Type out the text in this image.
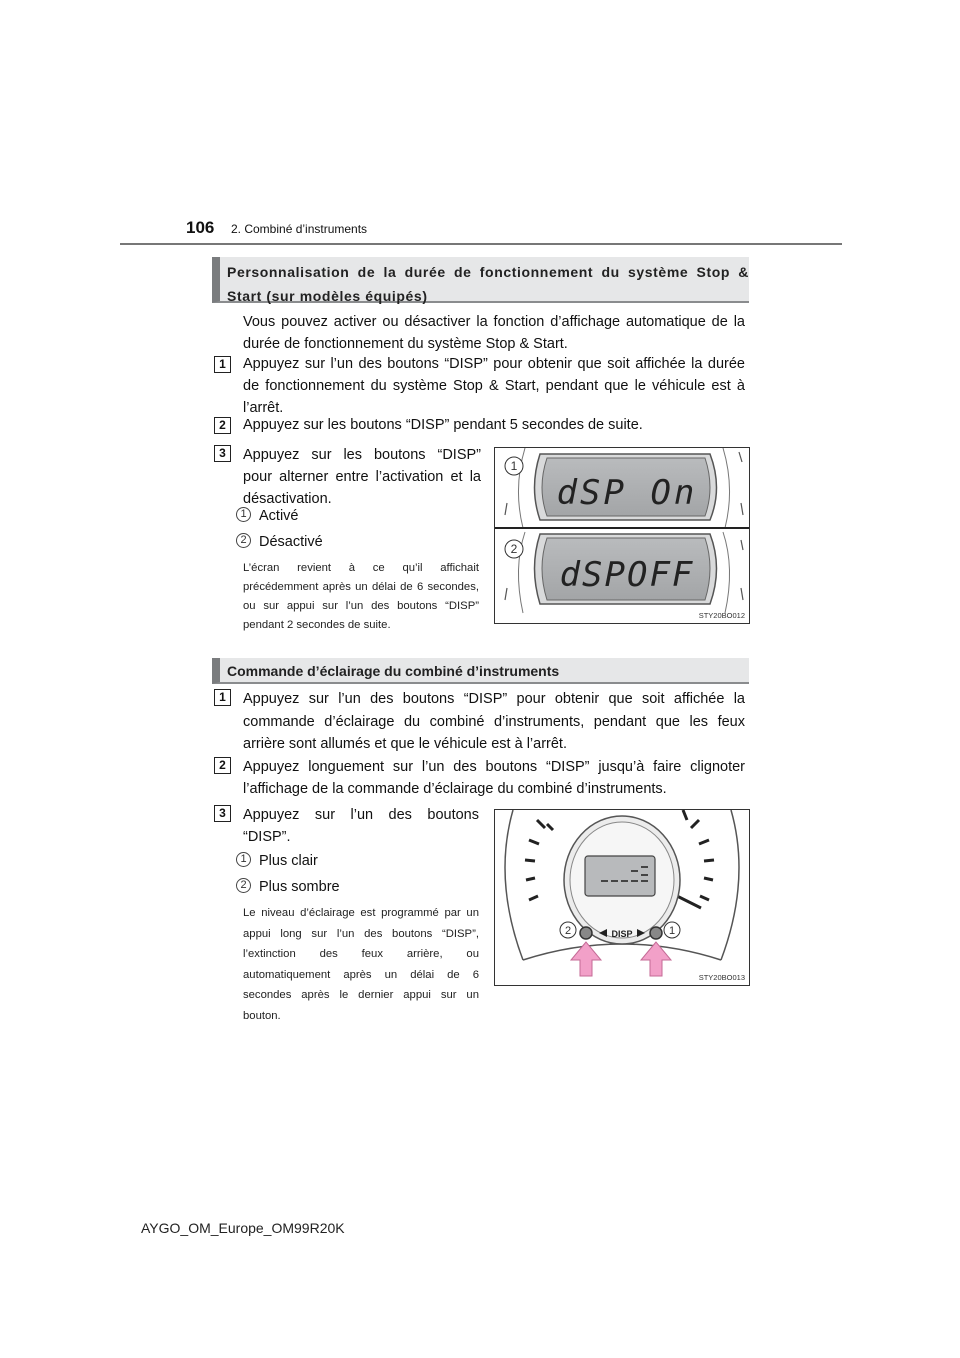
106 2. Combiné d’instruments
Personnalisation de la durée de fonctionnement du système Stop & Start (sur modèles équipés)
Vous pouvez activer ou désactiver la fonction d’affichage automatique de la durée de fonctionnement du système Stop & Start.
1	Appuyez sur l’un des boutons “DISP” pour obtenir que soit affichée la durée de fonctionnement du système Stop & Start, pendant que le véhicule est à l’arrêt.
2	Appuyez sur les boutons “DISP” pendant 5 secondes de suite.
3	Appuyez sur les boutons “DISP” pour alterner entre l’activation et la désactivation.
1 Activé
2 Désactivé
L’écran revient à ce qu’il affichait précédemment après un délai de 6 secondes, ou sur appui sur l’un des boutons “DISP” pendant 2 secondes de suite.
dSP On
dSPOFF
1
2
STY20BO012
Commande d’éclairage du combiné d’instruments
1	Appuyez sur l’un des boutons “DISP” pour obtenir que soit affichée la commande d’éclairage du combiné d’instruments, pendant que les feux arrière sont allumés et que le véhicule est à l’arrêt.
2	Appuyez longuement sur l’un des boutons “DISP” jusqu’à faire clignoter l’affichage de la commande d’éclairage du combiné d’instruments.
3	Appuyez sur l’un des boutons “DISP”.
1 Plus clair
2 Plus sombre
Le niveau d’éclairage est programmé par un appui long sur l’un des boutons “DISP”, l’extinction des feux arrière, ou automatiquement après un délai de 6 secondes après le dernier appui sur un bouton.
DISP
2	1
STY20BO013
AYGO_OM_Europe_OM99R20K
